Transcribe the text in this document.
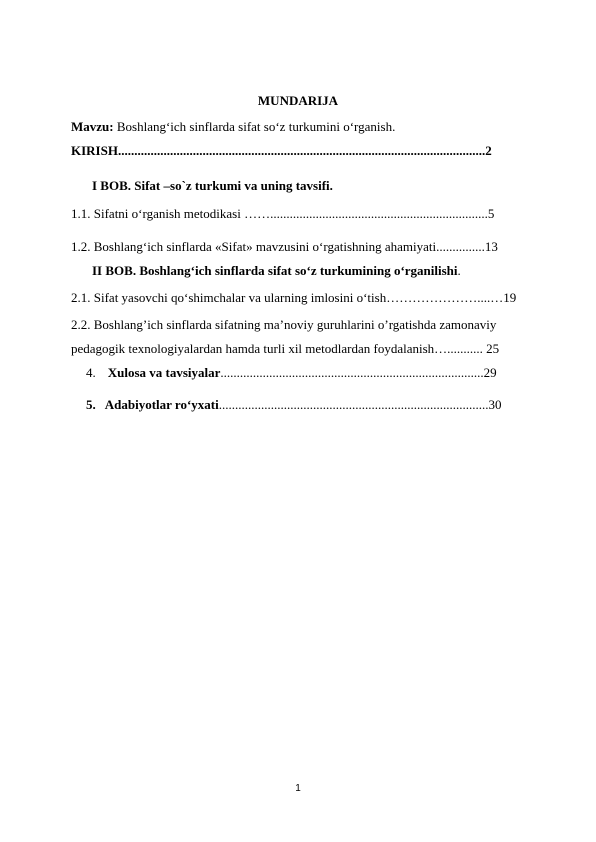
MUNDARIJA
Mavzu: Boshlang‘ich sinflarda sifat so‘z turkumini o‘rganish.
KIRISH.................................................................................................................2
I BOB. Sifat –so`z turkumi va uning tavsifi.
1.1. Sifatni o‘rganish metodikasi ……...................................................................5
1.2. Boshlang‘ich sinflarda «Sifat» mavzusini o‘rgatishning ahamiyati...............13
II BOB. Boshlang‘ich sinflarda sifat so‘z turkumining o‘rganilishi.
2.1. Sifat yasovchi qo‘shimchalar va ularning imlosini o‘tish…………………....…19
2.2. Boshlang’ich sinflarda sifatning ma’noviy guruhlarini o’rgatishda zamonaviy
pedagogik texnologiyalardan hamda turli xil metodlardan foydalanish…........... 25
4. Xulosa va tavsiyalar.................................................................................29
5. Adabiyotlar ro‘yxati...................................................................................30
1
